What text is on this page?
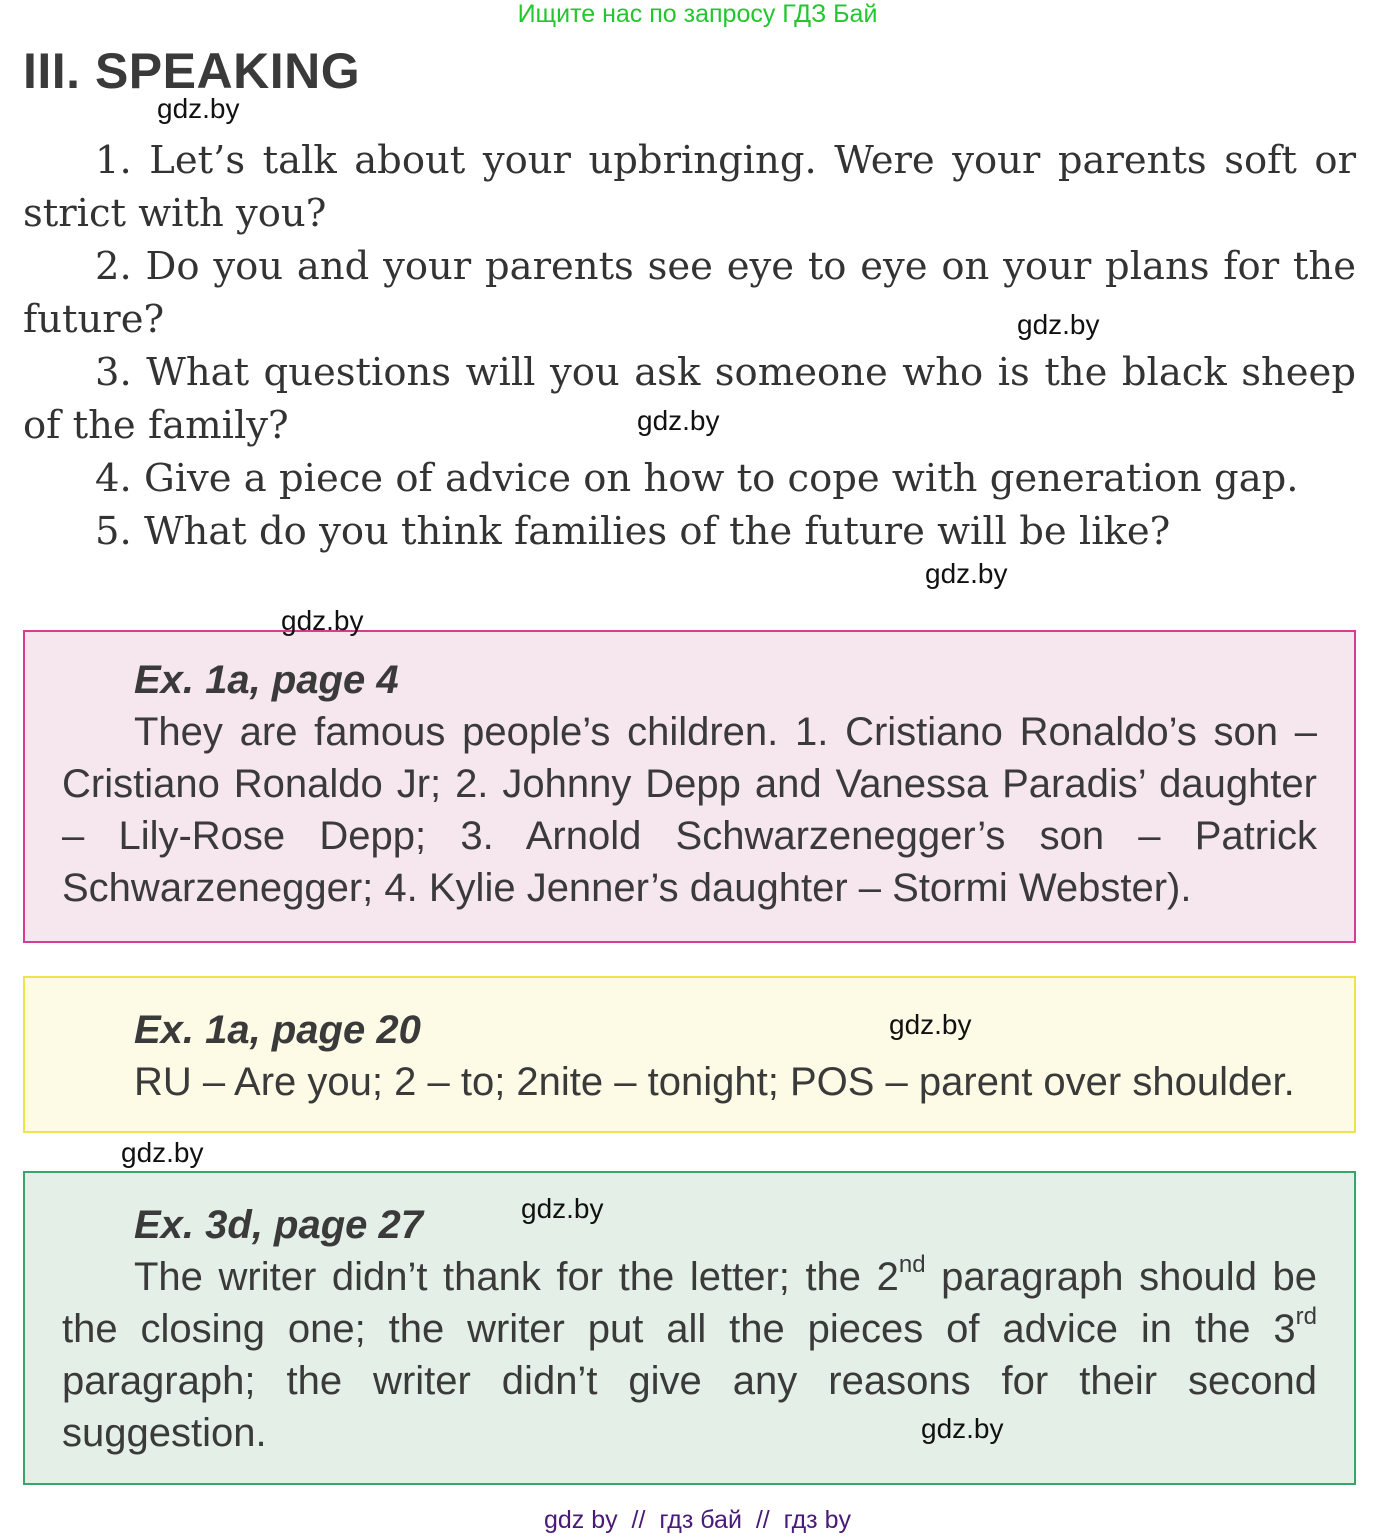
Ищите нас по запросу ГДЗ Бай
III. SPEAKING

1. Let’s talk about your upbringing. Were your parents soft or strict with you?

2. Do you and your parents see eye to eye on your plans for the future?

3. What questions will you ask someone who is the black sheep of the family?

4. Give a piece of advice on how to cope with generation gap.

5. What do you think families of the future will be like?

Ex. 1a, page 4

They are famous people’s children. 1. Cristiano Ronaldo’s son – Cristiano Ronaldo Jr; 2. Johnny Depp and Vanessa Paradis’ daughter – Lily-Rose Depp; 3. Arnold Schwarzenegger’s son – Patrick Schwarzenegger; 4. Kylie Jenner’s daughter – Stormi Webster).

Ex. 1a, page 20

RU – Are you; 2 – to; 2nite – tonight; POS – parent over shoulder.

Ex. 3d, page 27

The writer didn’t thank for the letter; the 2nd paragraph should be the closing one; the writer put all the pieces of advice in the 3rd paragraph; the writer didn’t give any reasons for their second suggestion.

gdz.by
gdz.by
gdz.by
gdz.by
gdz.by
gdz.by
gdz.by
gdz.by
gdz.by
gdz by  //  гдз бай  //  гдз by
